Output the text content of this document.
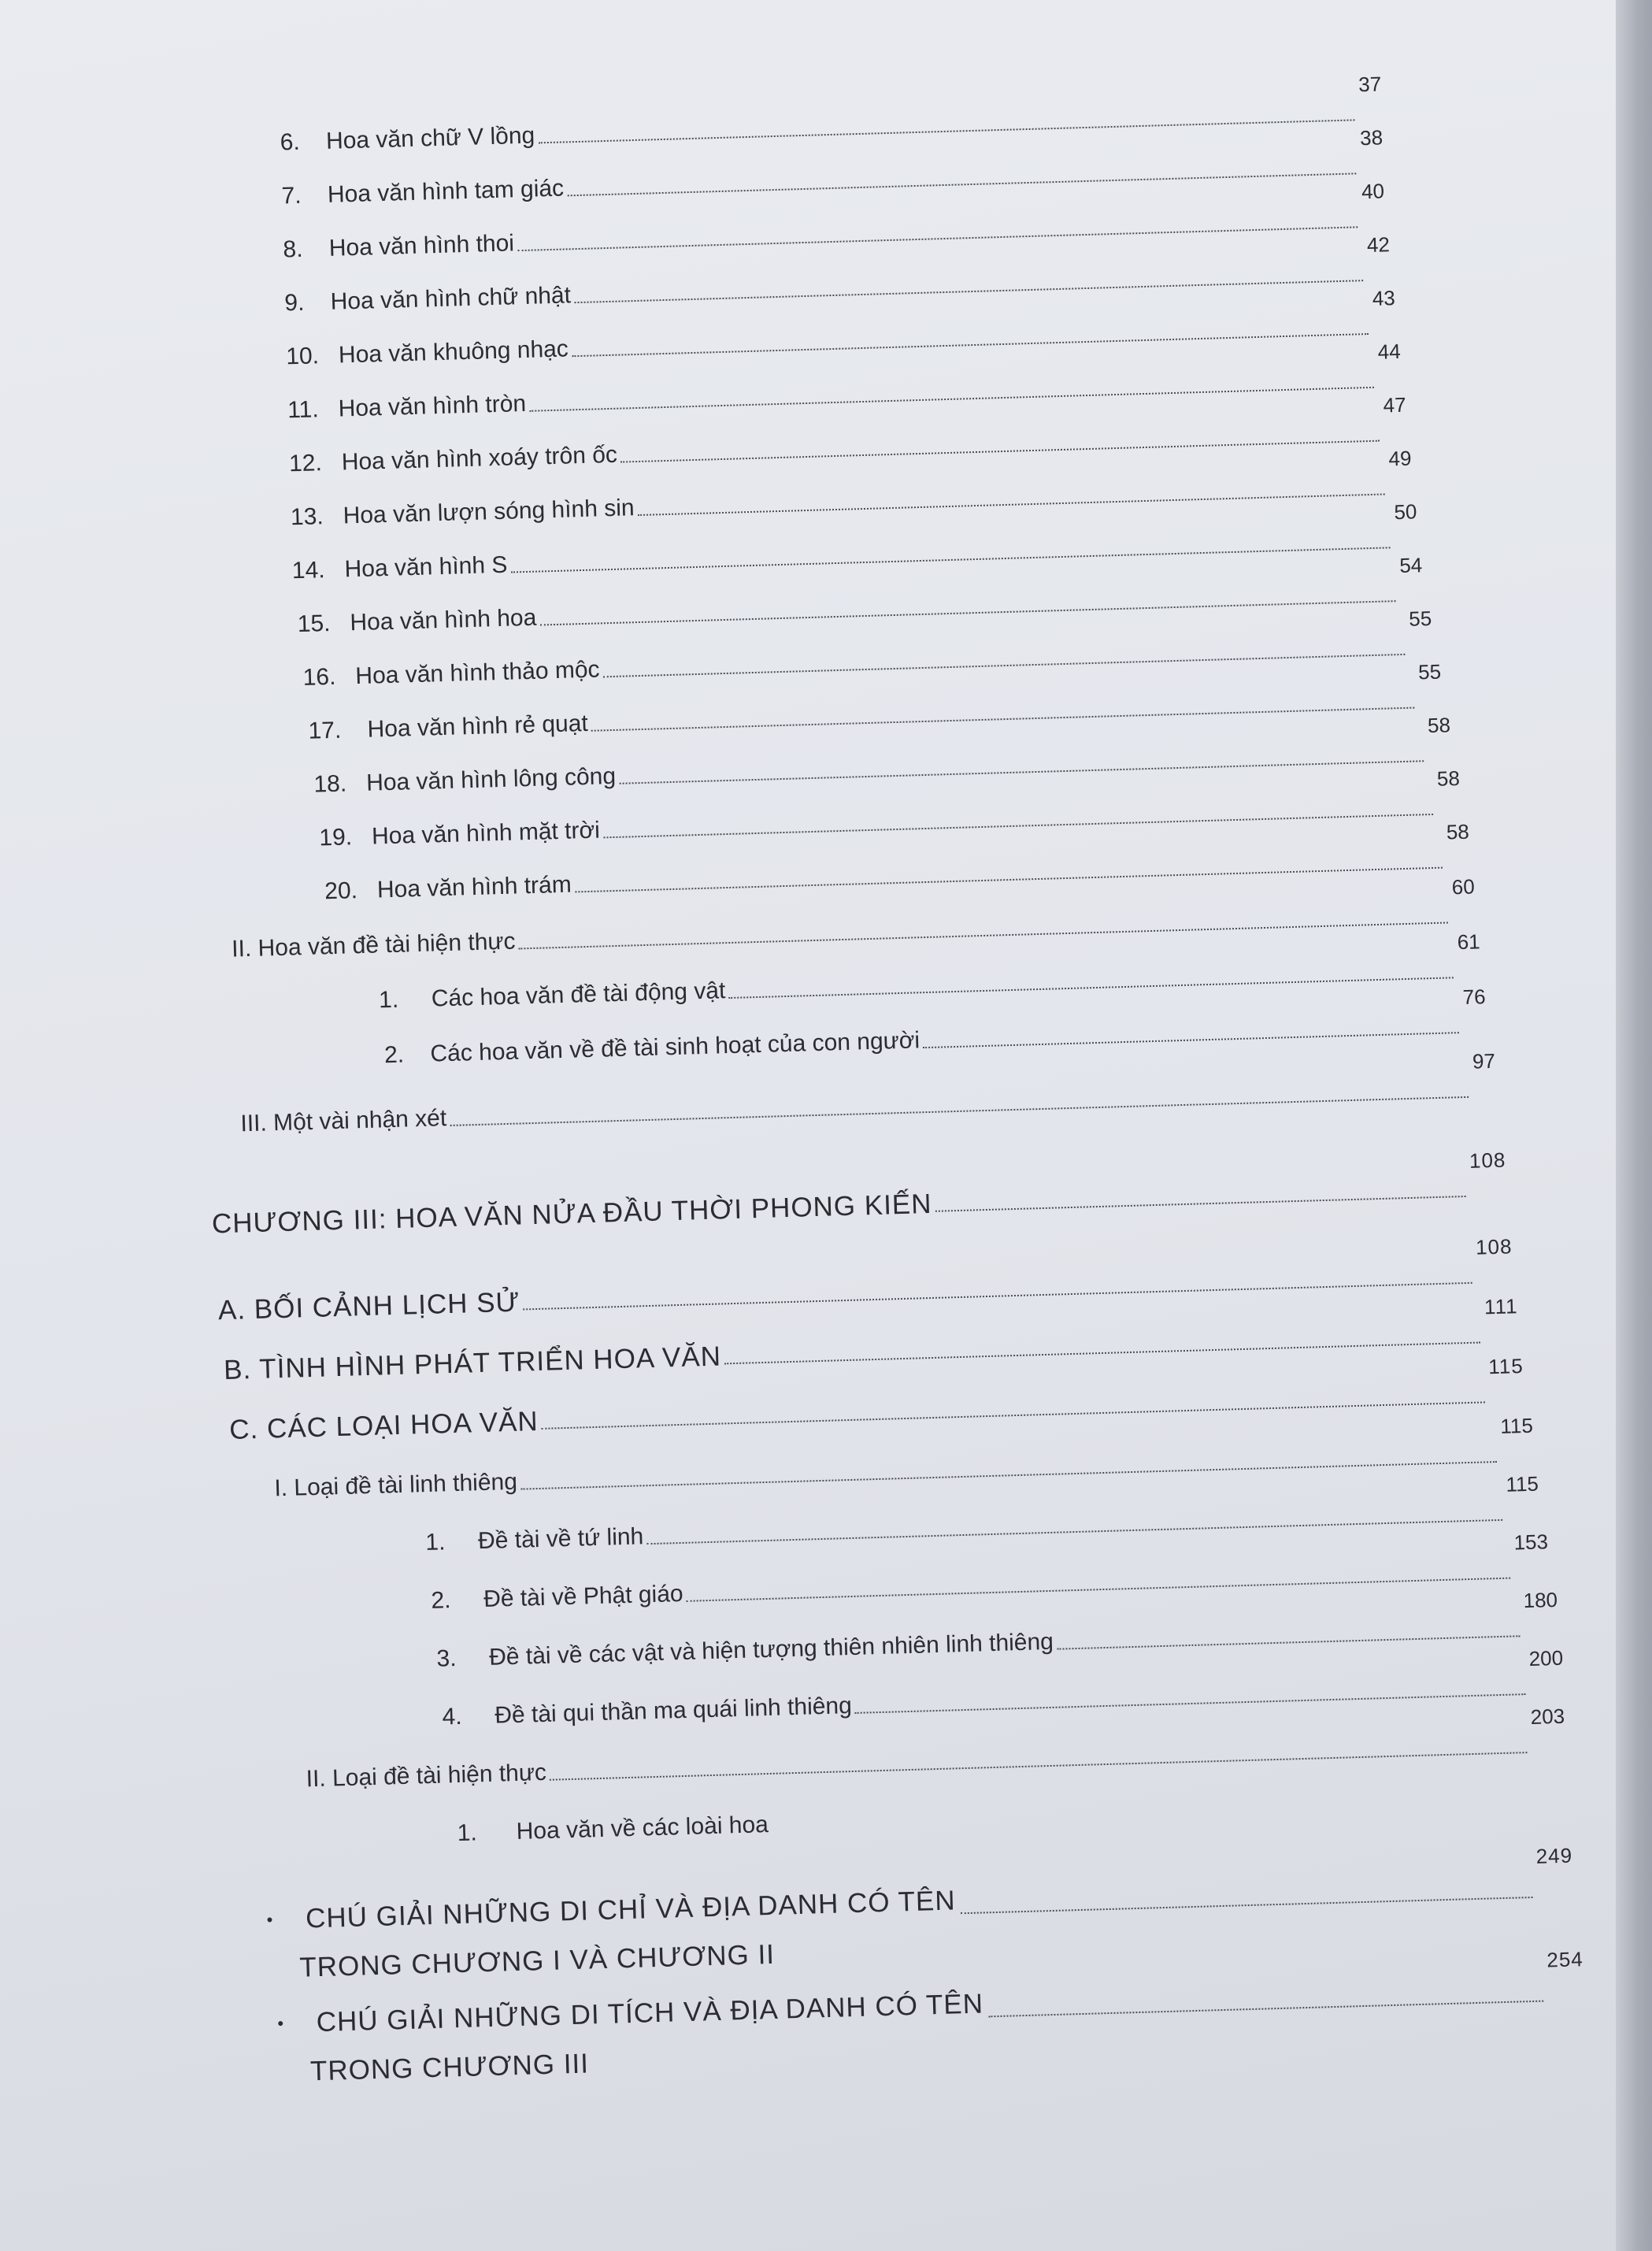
6.
Hoa văn chữ V lồng
37
7.
Hoa văn hình tam giác
38
8.
Hoa văn hình thoi
40
9.
Hoa văn hình chữ nhật
42
10.
Hoa văn khuông nhạc
43
11.
Hoa văn hình tròn
44
12.
Hoa văn hình xoáy trôn ốc
47
13.
Hoa văn lượn sóng hình sin
49
14.
Hoa văn hình S
50
15.
Hoa văn hình hoa
54
16.
Hoa văn hình thảo mộc
55
17.
Hoa văn hình rẻ quạt
55
18.
Hoa văn hình lông công
58
19.
Hoa văn hình mặt trời
58
20.
Hoa văn hình trám
58
II. Hoa văn đề tài hiện thực
60
1.
Các hoa văn đề tài động vật
61
2.
Các hoa văn về đề tài sinh hoạt của con người
76
III. Một vài nhận xét
97
CHƯƠNG III: HOA VĂN NỬA ĐẦU THỜI PHONG KIẾN
108
A. BỐI CẢNH LỊCH SỬ
108
B. TÌNH HÌNH PHÁT TRIỂN HOA VĂN
111
C. CÁC LOẠI HOA VĂN
115
I. Loại đề tài linh thiêng
115
1.
Đề tài về tứ linh
115
2.
Đề tài về Phật giáo
153
3.
Đề tài về các vật và hiện tượng thiên nhiên linh thiêng
180
4.
Đề tài qui thần ma quái linh thiêng
200
II. Loại đề tài hiện thực
203
1.
Hoa văn về các loài hoa
•
	CHÚ GIẢI NHỮNG DI CHỈ VÀ ĐỊA DANH CÓ TÊN
249
TRONG CHƯƠNG I VÀ CHƯƠNG II
•
	CHÚ GIẢI NHỮNG DI TÍCH VÀ ĐỊA DANH CÓ TÊN
254
TRONG CHƯƠNG III
